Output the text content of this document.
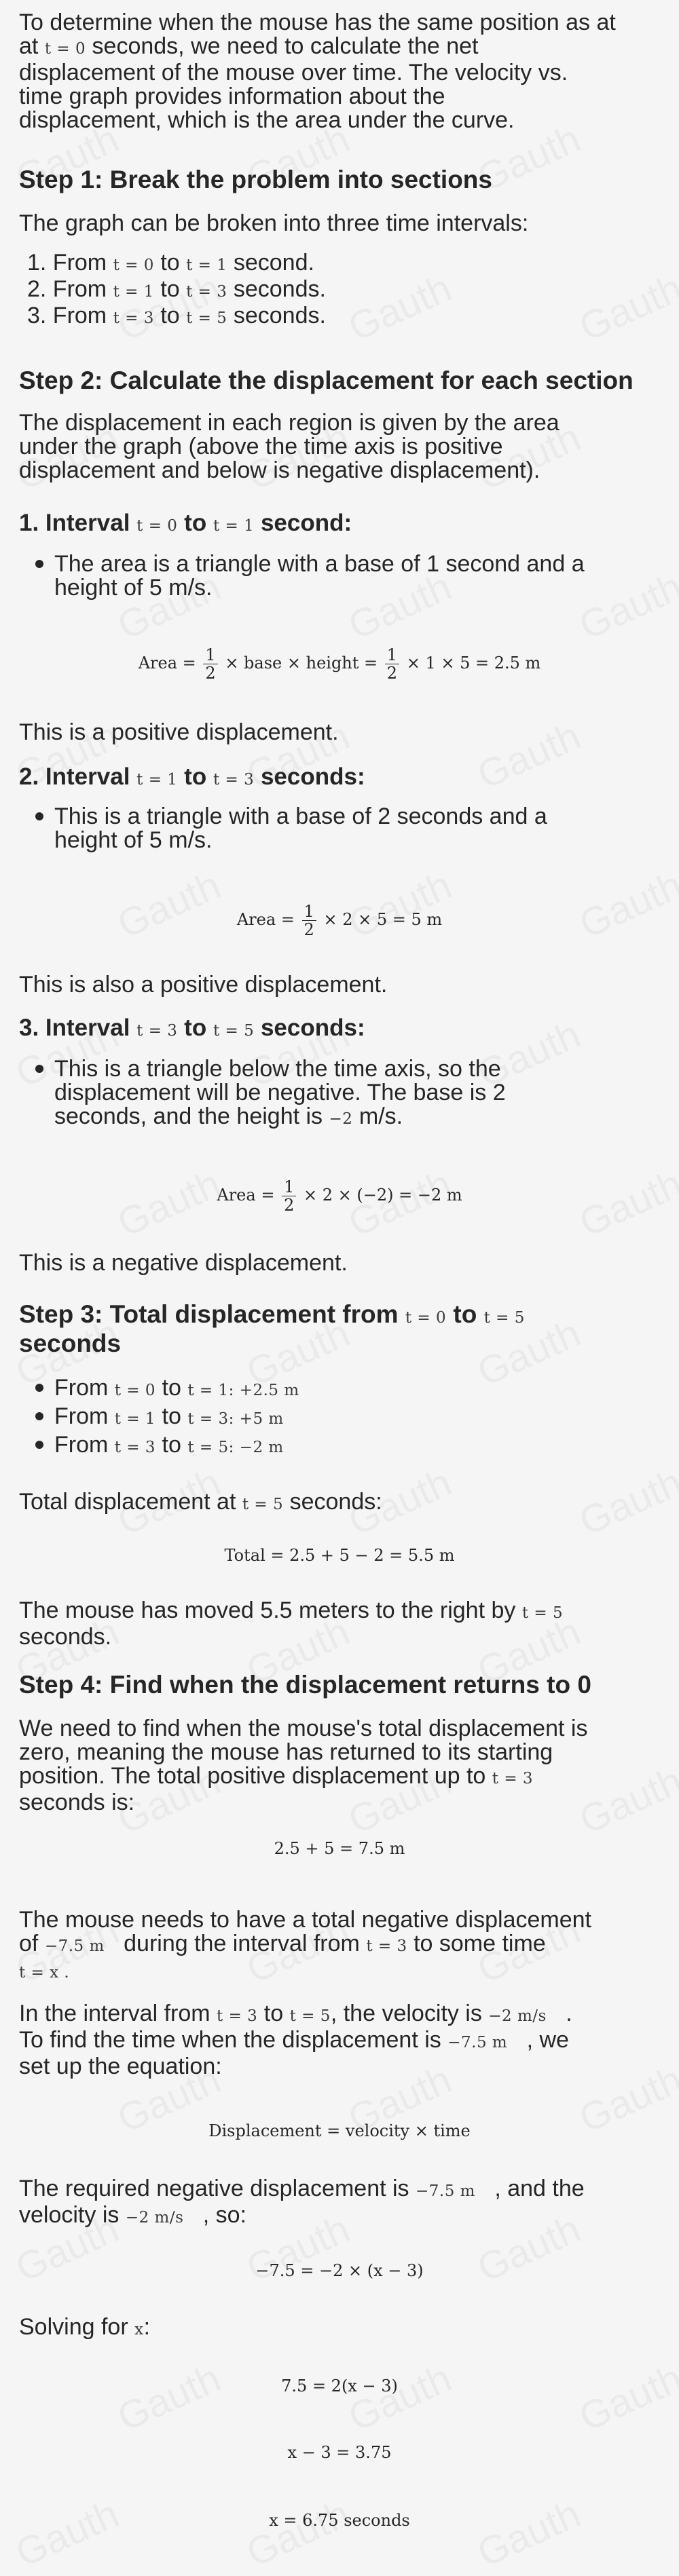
To determine when the mouse has the same position as at
at t = 0 seconds, we need to calculate the net
displacement of the mouse over time. The velocity vs.
time graph provides information about the
displacement, which is the area under the curve.

Step 1: Break the problem into sections

The graph can be broken into three time intervals:

1. From t = 0 to t = 1 second.
2. From t = 1 to t = 3 seconds.
3. From t = 3 to t = 5 seconds.
Step 2: Calculate the displacement for each section

The displacement in each region is given by the area
under the graph (above the time axis is positive
displacement and below is negative displacement).

1. Interval t = 0 to t = 1 second:
The area is a triangle with a base of 1 second and a
height of 5 m/s.
Area = $\frac{1}{2}$ × base × height = $\frac{1}{2} \times 1 \times 5 = 2.5$ m

This is a positive displacement.

2. Interval t = 1 to t = 3 seconds:
This is a triangle with a base of 2 seconds and a
height of 5 m/s.
Area = $\frac{1}{2} \times 2 \times 5 = 5$ m

This is also a positive displacement.

3. Interval t = 3 to t = 5 seconds:
This is a triangle below the time axis, so the
displacement will be negative. The base is 2
seconds, and the height is −2 m/s.
Area = $\frac{1}{2} \times 2 \times (-2) = -2$ m

This is a negative displacement.

Step 3: Total displacement from t = 0 to t = 5
seconds
From t = 0 to t = 1: +2.5 m
From t = 1 to t = 3: +5 m
From t = 3 to t = 5: −2 m

Total displacement at t = 5 seconds:

Total = 2.5 + 5 − 2 = 5.5 m

The mouse has moved 5.5 meters to the right by t = 5
seconds.

Step 4: Find when the displacement returns to 0

We need to find when the mouse's total displacement is
zero, meaning the mouse has returned to its starting
position. The total positive displacement up to t = 3
seconds is:

2.5 + 5 = 7.5 m

The mouse needs to have a total negative displacement
of −7.5 m during the interval from t = 3 to some time
t = x .

In the interval from t = 3 to t = 5, the velocity is −2 m/s .
To find the time when the displacement is −7.5 m , we
set up the equation:

Displacement = velocity × time

The required negative displacement is −7.5 m , and the
velocity is −2 m/s , so:

−7.5 = −2 × (x − 3)

Solving for x:

7.5 = 2(x − 3)
x − 3 = 3.75
x = 6.75 seconds
